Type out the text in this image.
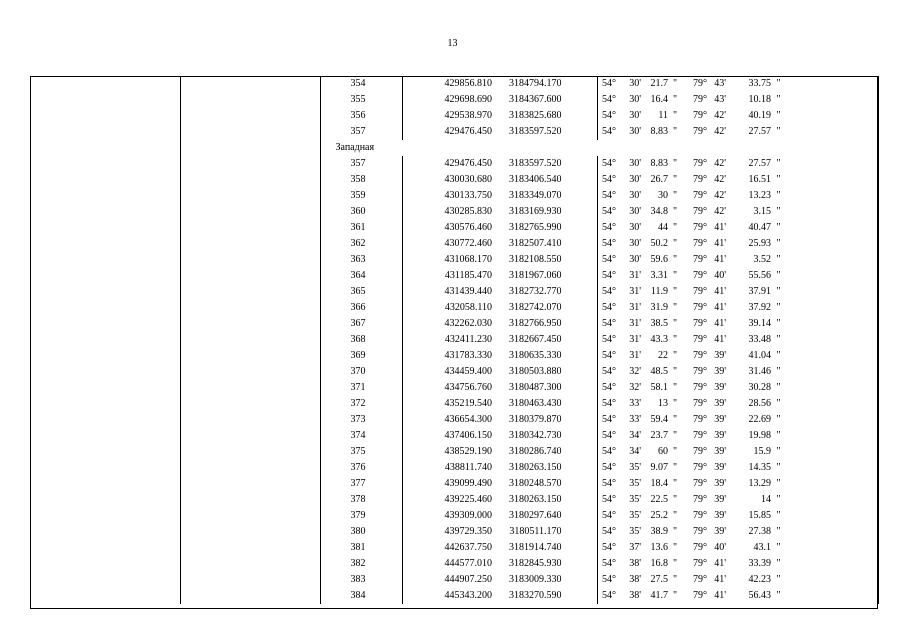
13
		354	429856.810	3184794.170	54°	30'	21.7	"	79°	43'	33.75	"	
		355	429698.690	3184367.600	54°	30'	16.4	"	79°	43'	10.18	"	
		356	429538.970	3183825.680	54°	30'	11	"	79°	42'	40.19	"	
		357	429476.450	3183597.520	54°	30'	8.83	"	79°	42'	27.57	"	
		Западная											
		357	429476.450	3183597.520	54°	30'	8.83	"	79°	42'	27.57	"	
		358	430030.680	3183406.540	54°	30'	26.7	"	79°	42'	16.51	"	
		359	430133.750	3183349.070	54°	30'	30	"	79°	42'	13.23	"	
		360	430285.830	3183169.930	54°	30'	34.8	"	79°	42'	3.15	"	
		361	430576.460	3182765.990	54°	30'	44	"	79°	41'	40.47	"	
		362	430772.460	3182507.410	54°	30'	50.2	"	79°	41'	25.93	"	
		363	431068.170	3182108.550	54°	30'	59.6	"	79°	41'	3.52	"	
		364	431185.470	3181967.060	54°	31'	3.31	"	79°	40'	55.56	"	
		365	431439.440	3182732.770	54°	31'	11.9	"	79°	41'	37.91	"	
		366	432058.110	3182742.070	54°	31'	31.9	"	79°	41'	37.92	"	
		367	432262.030	3182766.950	54°	31'	38.5	"	79°	41'	39.14	"	
		368	432411.230	3182667.450	54°	31'	43.3	"	79°	41'	33.48	"	
		369	431783.330	3180635.330	54°	31'	22	"	79°	39'	41.04	"	
		370	434459.400	3180503.880	54°	32'	48.5	"	79°	39'	31.46	"	
		371	434756.760	3180487.300	54°	32'	58.1	"	79°	39'	30.28	"	
		372	435219.540	3180463.430	54°	33'	13	"	79°	39'	28.56	"	
		373	436654.300	3180379.870	54°	33'	59.4	"	79°	39'	22.69	"	
		374	437406.150	3180342.730	54°	34'	23.7	"	79°	39'	19.98	"	
		375	438529.190	3180286.740	54°	34'	60	"	79°	39'	15.9	"	
		376	438811.740	3180263.150	54°	35'	9.07	"	79°	39'	14.35	"	
		377	439099.490	3180248.570	54°	35'	18.4	"	79°	39'	13.29	"	
		378	439225.460	3180263.150	54°	35'	22.5	"	79°	39'	14	"	
		379	439309.000	3180297.640	54°	35'	25.2	"	79°	39'	15.85	"	
		380	439729.350	3180511.170	54°	35'	38.9	"	79°	39'	27.38	"	
		381	442637.750	3181914.740	54°	37'	13.6	"	79°	40'	43.1	"	
		382	444577.010	3182845.930	54°	38'	16.8	"	79°	41'	33.39	"	
		383	444907.250	3183009.330	54°	38'	27.5	"	79°	41'	42.23	"	
		384	445343.200	3183270.590	54°	38'	41.7	"	79°	41'	56.43	"	
